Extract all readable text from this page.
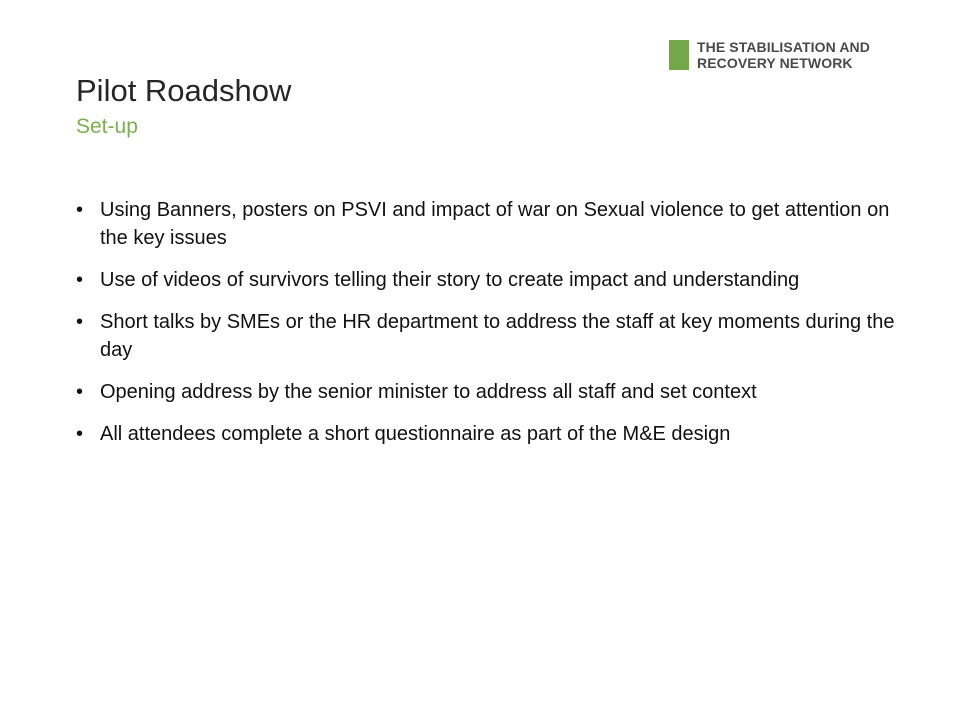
THE STABILISATION AND
RECOVERY NETWORK
Pilot Roadshow
Set-up
• Using Banners, posters on PSVI and impact of war on Sexual violence to get attention on the key issues
• Use of videos of survivors telling their story to create impact and understanding
• Short talks by SMEs or the HR department to address the staff at key moments during the day
• Opening address by the senior minister to address all staff and set context
• All attendees complete a short questionnaire as part of the M&E design
